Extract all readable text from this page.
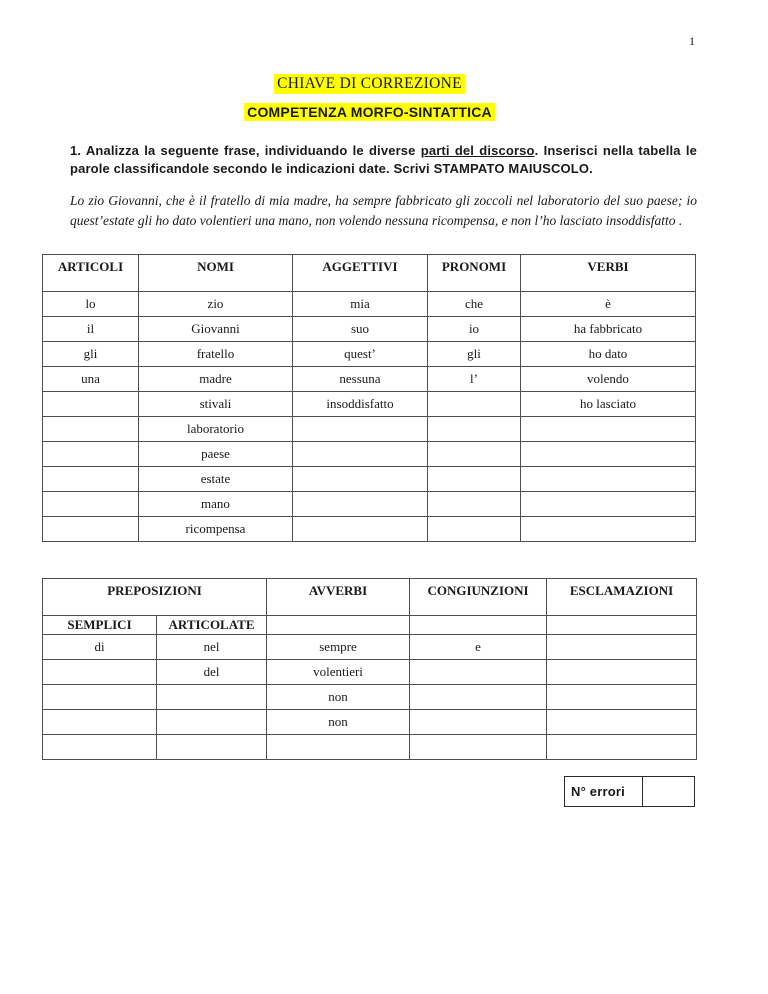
1
CHIAVE DI CORREZIONE
COMPETENZA MORFO-SINTATTICA

1. Analizza la seguente frase, individuando le diverse parti del discorso. Inserisci nella tabella le parole classificandole secondo le indicazioni date. Scrivi STAMPATO MAIUSCOLO.

Lo zio Giovanni, che è il fratello di mia madre, ha sempre fabbricato gli zoccoli nel laboratorio del suo paese; io quest’estate gli ho dato volentieri una mano, non volendo nessuna ricompensa, e non l’ho lasciato insoddisfatto .

ARTICOLI	NOMI	AGGETTIVI	PRONOMI	VERBI
lo	zio	mia	che	è
il	Giovanni	suo	io	ha fabbricato
gli	fratello	quest’	gli	ho dato
una	madre	nessuna	l’	volendo
	stivali	insoddisfatto		ho lasciato
	laboratorio			
	paese			
	estate			
	mano			
	ricompensa			
PREPOSIZIONI		AVVERBI	CONGIUNZIONI	ESCLAMAZIONI
SEMPLICI	ARTICOLATE			
di	nel	sempre	e	
	del	volentieri		
		non		
		non		

N° errori	
